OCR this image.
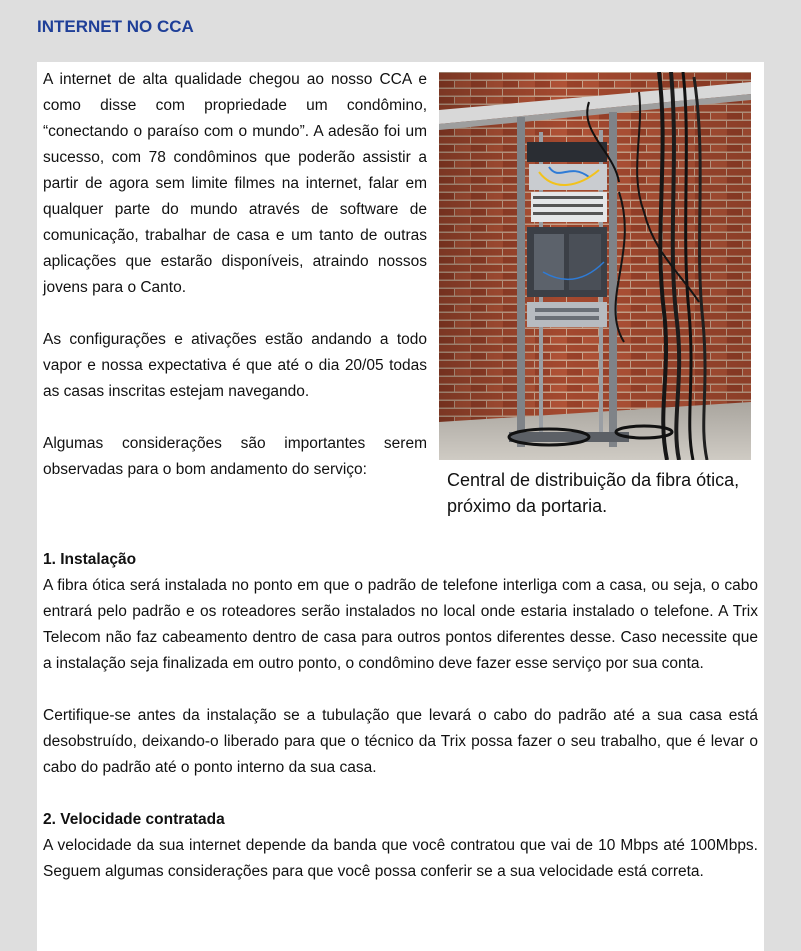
INTERNET NO CCA

A internet de alta qualidade chegou ao nosso CCA e como disse com propriedade um condômino, “conectando o paraíso com o mundo”. A adesão foi um sucesso, com 78 condôminos que poderão assistir a partir de agora sem limite filmes na internet, falar em qualquer parte do mundo através de software de comunicação, trabalhar de casa e um tanto de outras aplicações que estarão disponíveis, atraindo nossos jovens para o Canto.

As configurações e ativações estão andando a todo vapor e nossa expectativa é que até o dia 20/05 todas as casas inscritas estejam navegando.

Algumas considerações são importantes serem observadas para o bom andamento do serviço:

Central de distribuição da fibra ótica, próximo da portaria.
1. Instalação

A fibra ótica será instalada no ponto em que o padrão de telefone interliga com a casa, ou seja, o cabo entrará pelo padrão e os roteadores serão instalados no local onde estaria instalado o telefone. A Trix Telecom não faz cabeamento dentro de casa para outros pontos diferentes desse. Caso necessite que a instalação seja finalizada em outro ponto, o condômino deve fazer esse serviço por sua conta.

Certifique-se antes da instalação se a tubulação que levará o cabo do padrão até a sua casa está desobstruído, deixando-o liberado para que o técnico da Trix possa fazer o seu trabalho, que é levar o cabo do padrão até o ponto interno da sua casa.

2. Velocidade contratada

A velocidade da sua internet depende da banda que você contratou que vai de 10 Mbps até 100Mbps. Seguem algumas considerações para que você possa conferir se a sua velocidade está correta.
